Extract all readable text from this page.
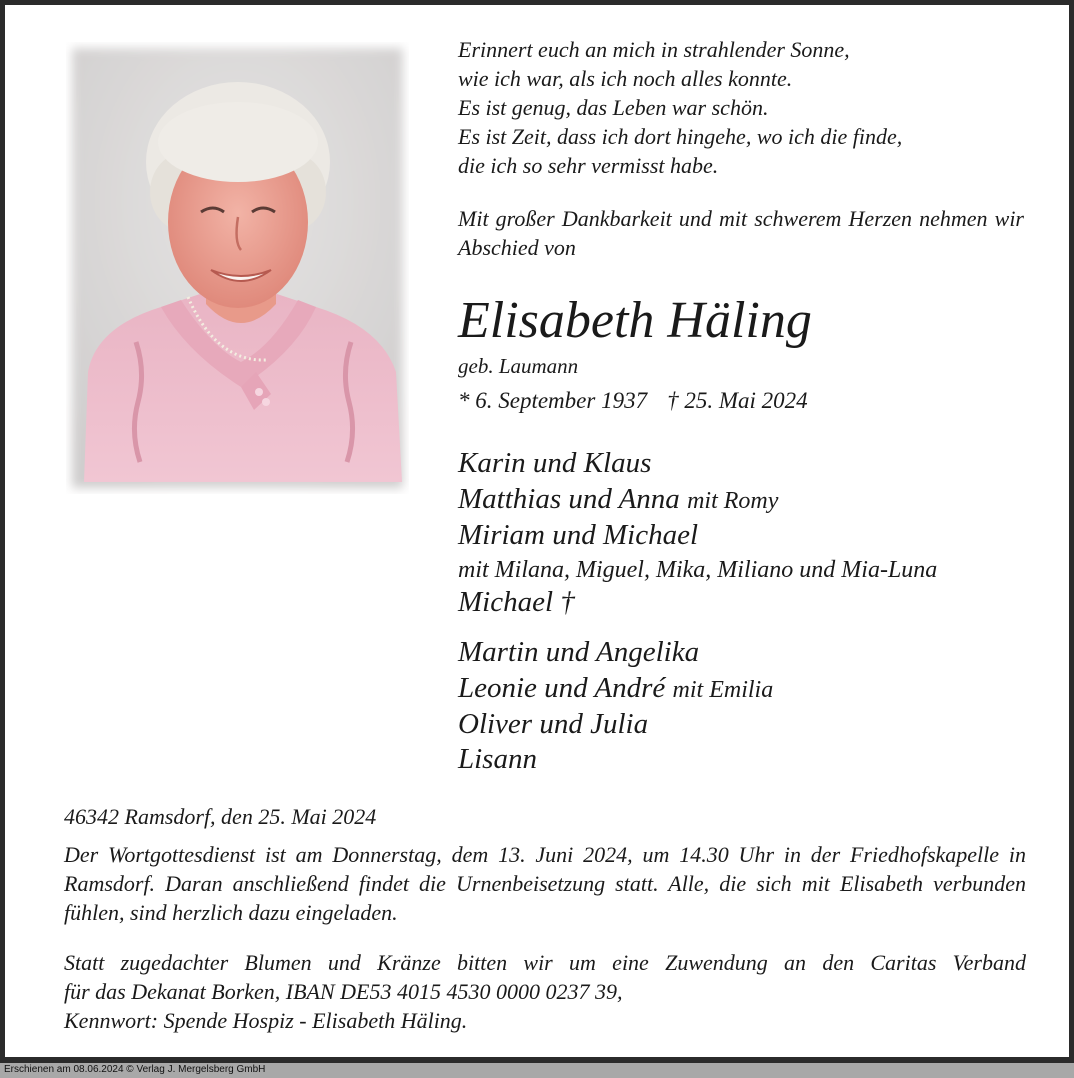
Erinnert euch an mich in strahlender Sonne,
wie ich war, als ich noch alles konnte.
Es ist genug, das Leben war schön.
Es ist Zeit, dass ich dort hingehe, wo ich die finde,
die ich so sehr vermisst habe.
Mit großer Dankbarkeit und mit schwerem Herzen nehmen wir Abschied von
Elisabeth Häling
geb. Laumann
* 6. September 1937 † 25. Mai 2024
Karin und Klaus
Matthias und Anna mit Romy
Miriam und Michael
mit Milana, Miguel, Mika, Miliano und Mia-Luna
Michael †
Martin und Angelika
Leonie und André mit Emilia
Oliver und Julia
Lisann
46342 Ramsdorf, den 25. Mai 2024
Der Wortgottesdienst ist am Donnerstag, dem 13. Juni 2024, um 14.30 Uhr in der Friedhofskapelle in Ramsdorf. Daran anschließend findet die Urnenbeisetzung statt. Alle, die sich mit Elisabeth verbunden fühlen, sind herzlich dazu eingeladen.
Statt zugedachter Blumen und Kränze bitten wir um eine Zuwendung an den Caritas Verband
für das Dekanat Borken, IBAN DE53 4015 4530 0000 0237 39,
Kennwort: Spende Hospiz - Elisabeth Häling.
Erschienen am 08.06.2024 © Verlag J. Mergelsberg GmbH
